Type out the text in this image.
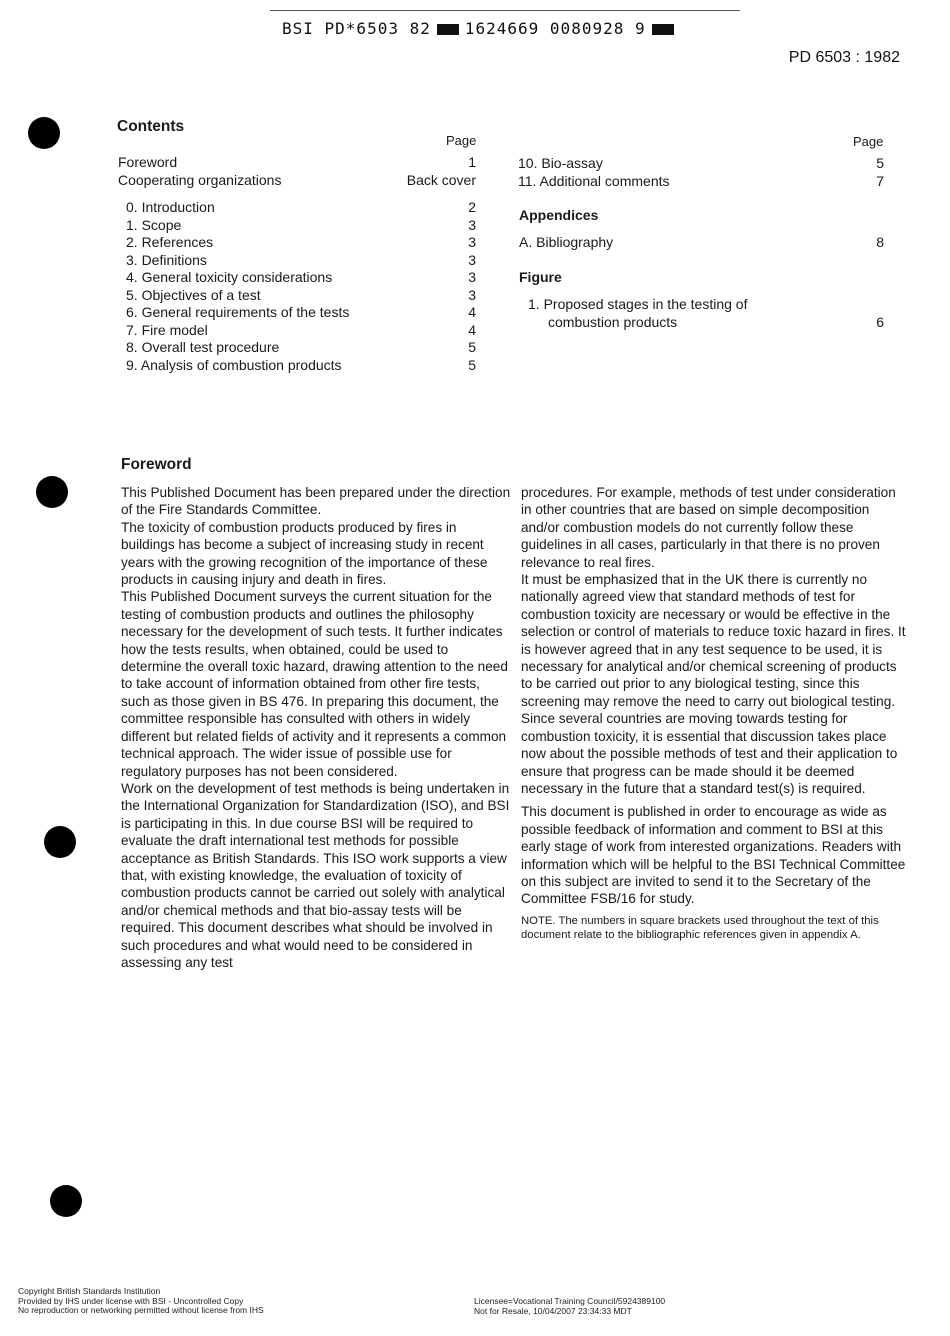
BSI PD*6503 82 1624669 0080928 9
PD 6503 : 1982
Contents
Page	Page
Foreword	1
Cooperating organizations	Back cover
0. Introduction	2
1. Scope	3
2. References	3
3. Definitions	3
4. General toxicity considerations	3
5. Objectives of a test	3
6. General requirements of the tests	4
7. Fire model	4
8. Overall test procedure	5
9. Analysis of combustion products	5
10. Bio-assay	5
11. Additional comments	7
Appendices
A. Bibliography	8
Figure
1. Proposed stages in the testing of
combustion products	6
Foreword

This Published Document has been prepared under the direction of the Fire Standards Committee.

The toxicity of combustion products produced by fires in buildings has become a subject of increasing study in recent years with the growing recognition of the importance of these products in causing injury and death in fires.

This Published Document surveys the current situation for the testing of combustion products and outlines the philosophy necessary for the development of such tests. It further indicates how the tests results, when obtained, could be used to determine the overall toxic hazard, drawing attention to the need to take account of information obtained from other fire tests, such as those given in BS 476. In preparing this document, the committee responsible has consulted with others in widely different but related fields of activity and it represents a common technical approach. The wider issue of possible use for regulatory purposes has not been considered.

Work on the development of test methods is being undertaken in the International Organization for Standardization (ISO), and BSI is participating in this. In due course BSI will be required to evaluate the draft international test methods for possible acceptance as British Standards. This ISO work supports a view that, with existing knowledge, the evaluation of toxicity of combustion products cannot be carried out solely with analytical and/or chemical methods and that bio-assay tests will be required. This document describes what should be involved in such procedures and what would need to be considered in assessing any test

procedures. For example, methods of test under consideration in other countries that are based on simple decomposition and/or combustion models do not currently follow these guidelines in all cases, particularly in that there is no proven relevance to real fires.

It must be emphasized that in the UK there is currently no nationally agreed view that standard methods of test for combustion toxicity are necessary or would be effective in the selection or control of materials to reduce toxic hazard in fires. It is however agreed that in any test sequence to be used, it is necessary for analytical and/or chemical screening of products to be carried out prior to any biological testing, since this screening may remove the need to carry out biological testing. Since several countries are moving towards testing for combustion toxicity, it is essential that discussion takes place now about the possible methods of test and their application to ensure that progress can be made should it be deemed necessary in the future that a standard test(s) is required.

This document is published in order to encourage as wide as possible feedback of information and comment to BSI at this early stage of work from interested organizations. Readers with information which will be helpful to the BSI Technical Committee on this subject are invited to send it to the Secretary of the Committee FSB/16 for study.

NOTE. The numbers in square brackets used throughout the text of this document relate to the bibliographic references given in appendix A.

Copyright British Standards Institution
Provided by IHS under license with BSI - Uncontrolled Copy
No reproduction or networking permitted without license from IHS
Licensee=Vocational Training Council/5924389100
Not for Resale, 10/04/2007 23:34:33 MDT
